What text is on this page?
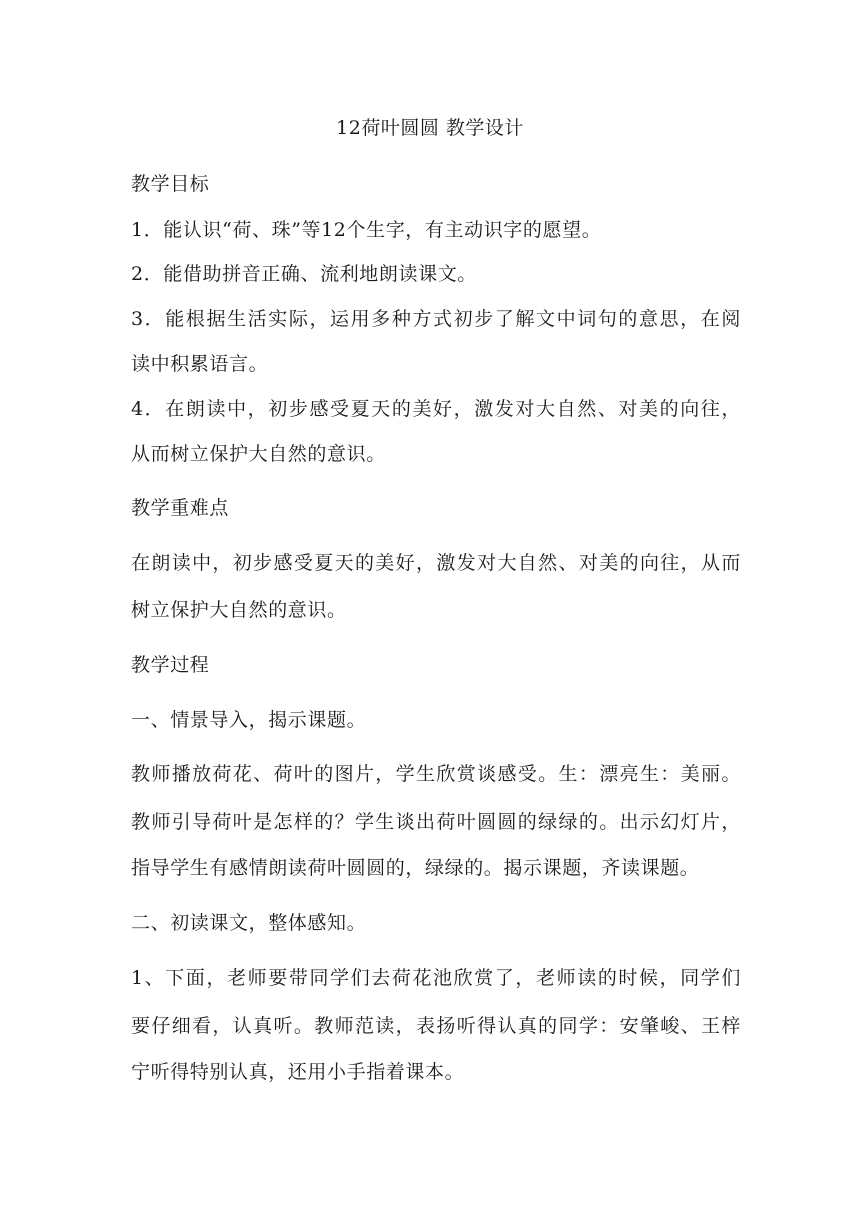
12荷叶圆圆 教学设计
教学目标
1．能认识“荷、珠”等12个生字，有主动识字的愿望。
2．能借助拼音正确、流利地朗读课文。
3．能根据生活实际，运用多种方式初步了解文中词句的意思，在阅
读中积累语言。
4．在朗读中，初步感受夏天的美好，激发对大自然、对美的向往，
从而树立保护大自然的意识。
教学重难点
在朗读中，初步感受夏天的美好，激发对大自然、对美的向往，从而
树立保护大自然的意识。
教学过程
一、情景导入，揭示课题。
教师播放荷花、荷叶的图片，学生欣赏谈感受。生：漂亮生：美丽。
教师引导荷叶是怎样的？学生谈出荷叶圆圆的绿绿的。出示幻灯片，
指导学生有感情朗读荷叶圆圆的，绿绿的。揭示课题，齐读课题。
二、初读课文，整体感知。
1、下面，老师要带同学们去荷花池欣赏了，老师读的时候，同学们
要仔细看，认真听。教师范读，表扬听得认真的同学：安肇峻、王梓
宁听得特别认真，还用小手指着课本。
